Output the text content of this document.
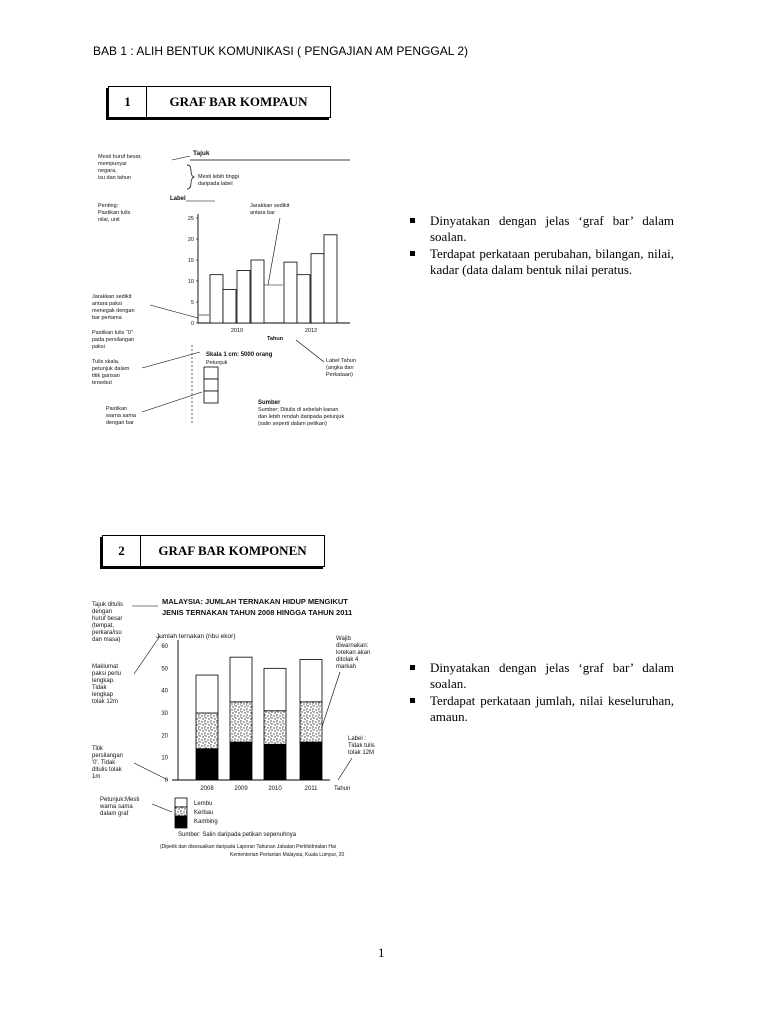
BAB 1 : ALIH BENTUK KOMUNIKASI ( PENGAJIAN AM PENGGAL 2)
1	GRAF BAR KOMPAUN
Tajuk
Mesti huruf besar,
mempunyai
negara,
isu dan tahun	Mesti lebih tinggi
daripada label
Label
Penting:
Pastikan tulis
nilai, unit
Jarakkan sedikit
antara bar
Jarakkan sedikit
antara paksi
menegak dengan
bar pertama
Pastikan tulis “0”
pada persilangan
paksi
Tulis skala,
petunjuk dalam
titik garisan
tersebut
Pastikan
warna sama
dengan bar
25
20
15
10
5
0
2010	2012
Tahun
Skala 1 cm: 5000 orang
Petunjuk	Label Tahun
(angka dan
Perkataan)
Sumber
Sumber: Ditulis di sebelah kanan
dan lebih rendah daripada petunjuk
(salin seperti dalam petikan)
Dinyatakan dengan jelas ‘graf bar’ dalam soalan.
Terdapat perkataan perubahan, bilangan, nilai, kadar (data dalam bentuk nilai peratus.
2	GRAF BAR KOMPONEN
MALAYSIA: JUMLAH TERNAKAN HIDUP MENGIKUT
JENIS TERNAKAN TAHUN 2008 HINGGA TAHUN 2011
Tajuk ditulis
dengan
huruf besar
(tempat,
perkara/isu
dan masa)	Jumlah ternakan (ribu ekor)
Maklumat
paksi perlu
lengkap.
Tidak
lengkap
tolak 12m
Wajib
diwarnakan:
lorekan akan
ditolak 4
markah
Titik
persilangan
'0'. Tidak
ditulis tolak
1m
Label :
Tidak tulis
tolak 12M
60
50
40
30
20
10
0
2008	2009	2010	2011	Tahun
Petunjuk:Mesti
warna sama
dalam graf
Lembu
Kerbau
Kambing
Sumber: Salin daripada petikan sepenuhnya
(Dipetik dan disesuaikan daripada Laporan Tahunan Jabatan Perkhidmatan Hai
Kementerian Pertanian Malaysia, Kuala Lumpur, 20
Dinyatakan dengan jelas ‘graf bar’ dalam soalan.
Terdapat perkataan jumlah, nilai keseluruhan, amaun.
1
